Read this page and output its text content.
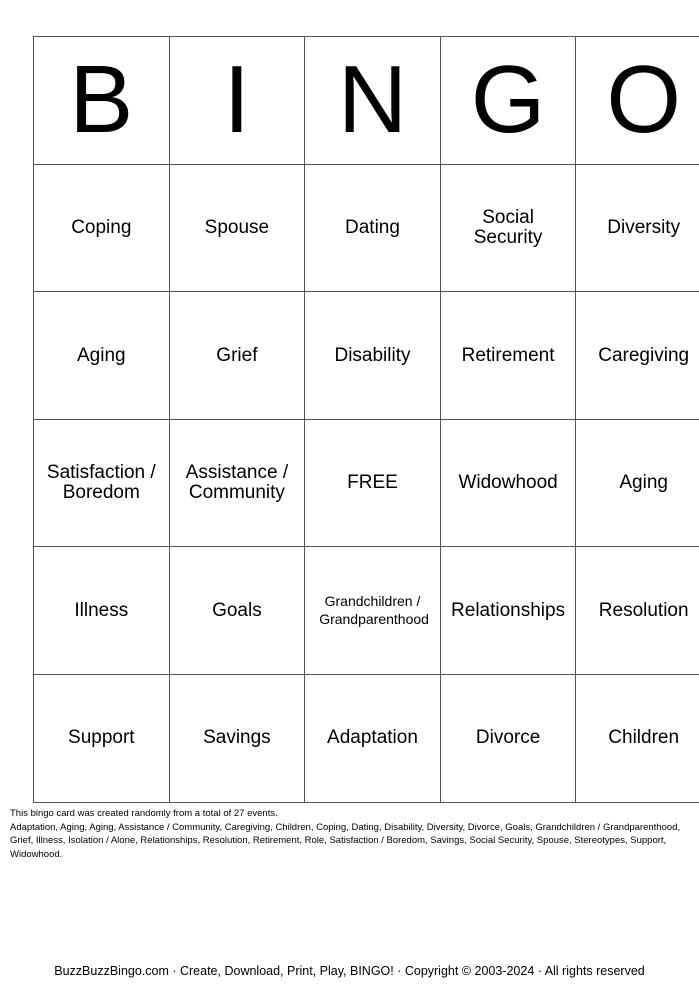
B	I	N	G	O
Coping	Spouse	Dating	Social Security	Diversity
Aging	Grief	Disability	Retirement	Caregiving
Satisfaction / Boredom	Assistance / Community	FREE	Widowhood	Aging
Illness	Goals	Grandchildren / Grandparenthood	Relationships	Resolution
Support	Savings	Adaptation	Divorce	Children

This bingo card was created randomly from a total of 27 events.

Adaptation, Aging, Aging, Assistance / Community, Caregiving, Children, Coping, Dating, Disability, Diversity, Divorce, Goals, Grandchildren / Grandparenthood, Grief, Illness, Isolation / Alone, Relationships, Resolution, Retirement, Role, Satisfaction / Boredom, Savings, Social Security, Spouse, Stereotypes, Support, Widowhood.

BuzzBuzzBingo.com · Create, Download, Print, Play, BINGO! · Copyright © 2003-2024 · All rights reserved
